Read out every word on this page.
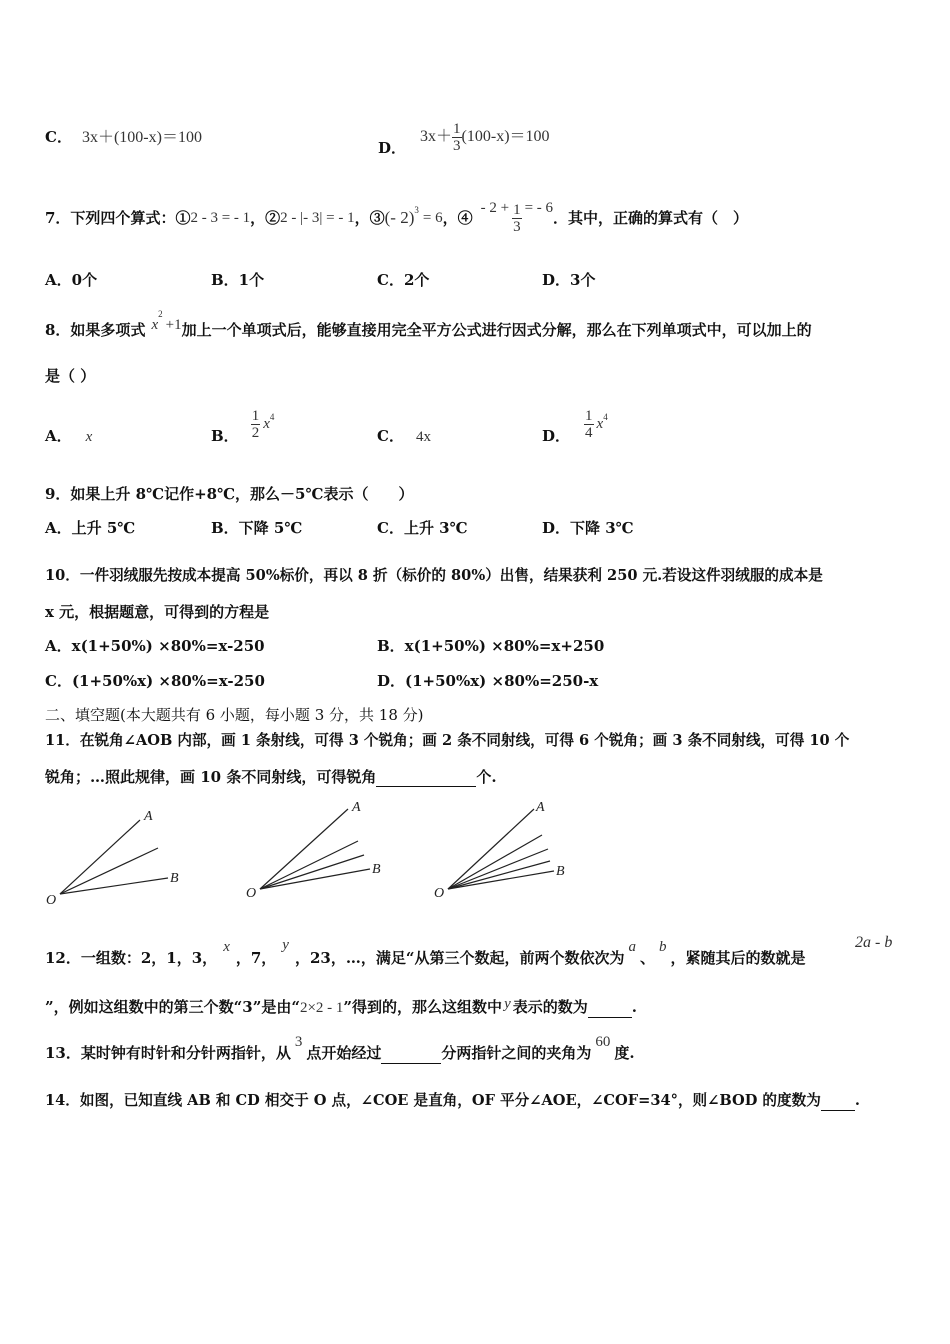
C． 3x＋(100-x)＝100
D．
$3x+ \frac{1}{3} (100-x)=100$
7．下列四个算式：① 2 - 3 = - 1 ，② 2 - |- 3| = - 1 ，③ (- 2)$^3$ = 6 ，④
- $2 + \frac{1}{3}$ = - 6
．其中，正确的算式有（　）
A．0个	B．1个	C．2个	D．3个
8．如果多项式 $x^2+1$加上一个单项式后，能够直接用完全平方公式进行因式分解，那么在下列单项式中，可以加上的
是（ ）
A． x	B． $\frac{1}{2} x^4$
C． 4x	D． $\frac{1}{4} x^4$
9．如果上升 8℃记作+8℃，那么－5℃表示（　　）
A．上升 5℃	B．下降 5℃	C．上升 3℃	D．下降 3℃
10．一件羽绒服先按成本提高 50%标价，再以 8 折（标价的 80%）出售，结果获利 250 元.若设这件羽绒服的成本是
x 元，根据题意，可得到的方程是
A．x(1+50%) ×80%=x-250	B．x(1+50%) ×80%=x+250
C．(1+50%x) ×80%=x-250	D．(1+50%x) ×80%=250-x
二、填空题(本大题共有 6 小题，每小题 3 分，共 18 分)
11．在锐角∠AOB 内部，画 1 条射线，可得 3 个锐角；画 2 条不同射线，可得 6 个锐角；画 3 条不同射线，可得 10 个
锐角；…照此规律，画 10 条不同射线，可得锐角	个.
A
B
O
A
B
O
A
B
O
12．一组数：2，1，3，x，7，y，23，…，满足“从第三个数起，前两个数依次为a、b，紧随其后的数就是
2a - b
”，例如这组数中的第三个数“3”是由“2×2 - 1”得到的，那么这组数中 y 表示的数为	.
13．某时钟有时针和分针两指针，从3点开始经过	分两指针之间的夹角为60度.
14．如图，已知直线 AB 和 CD 相交于 O 点，∠COE 是直角，OF 平分∠AOE，∠COF=34°，则∠BOD 的度数为 .
